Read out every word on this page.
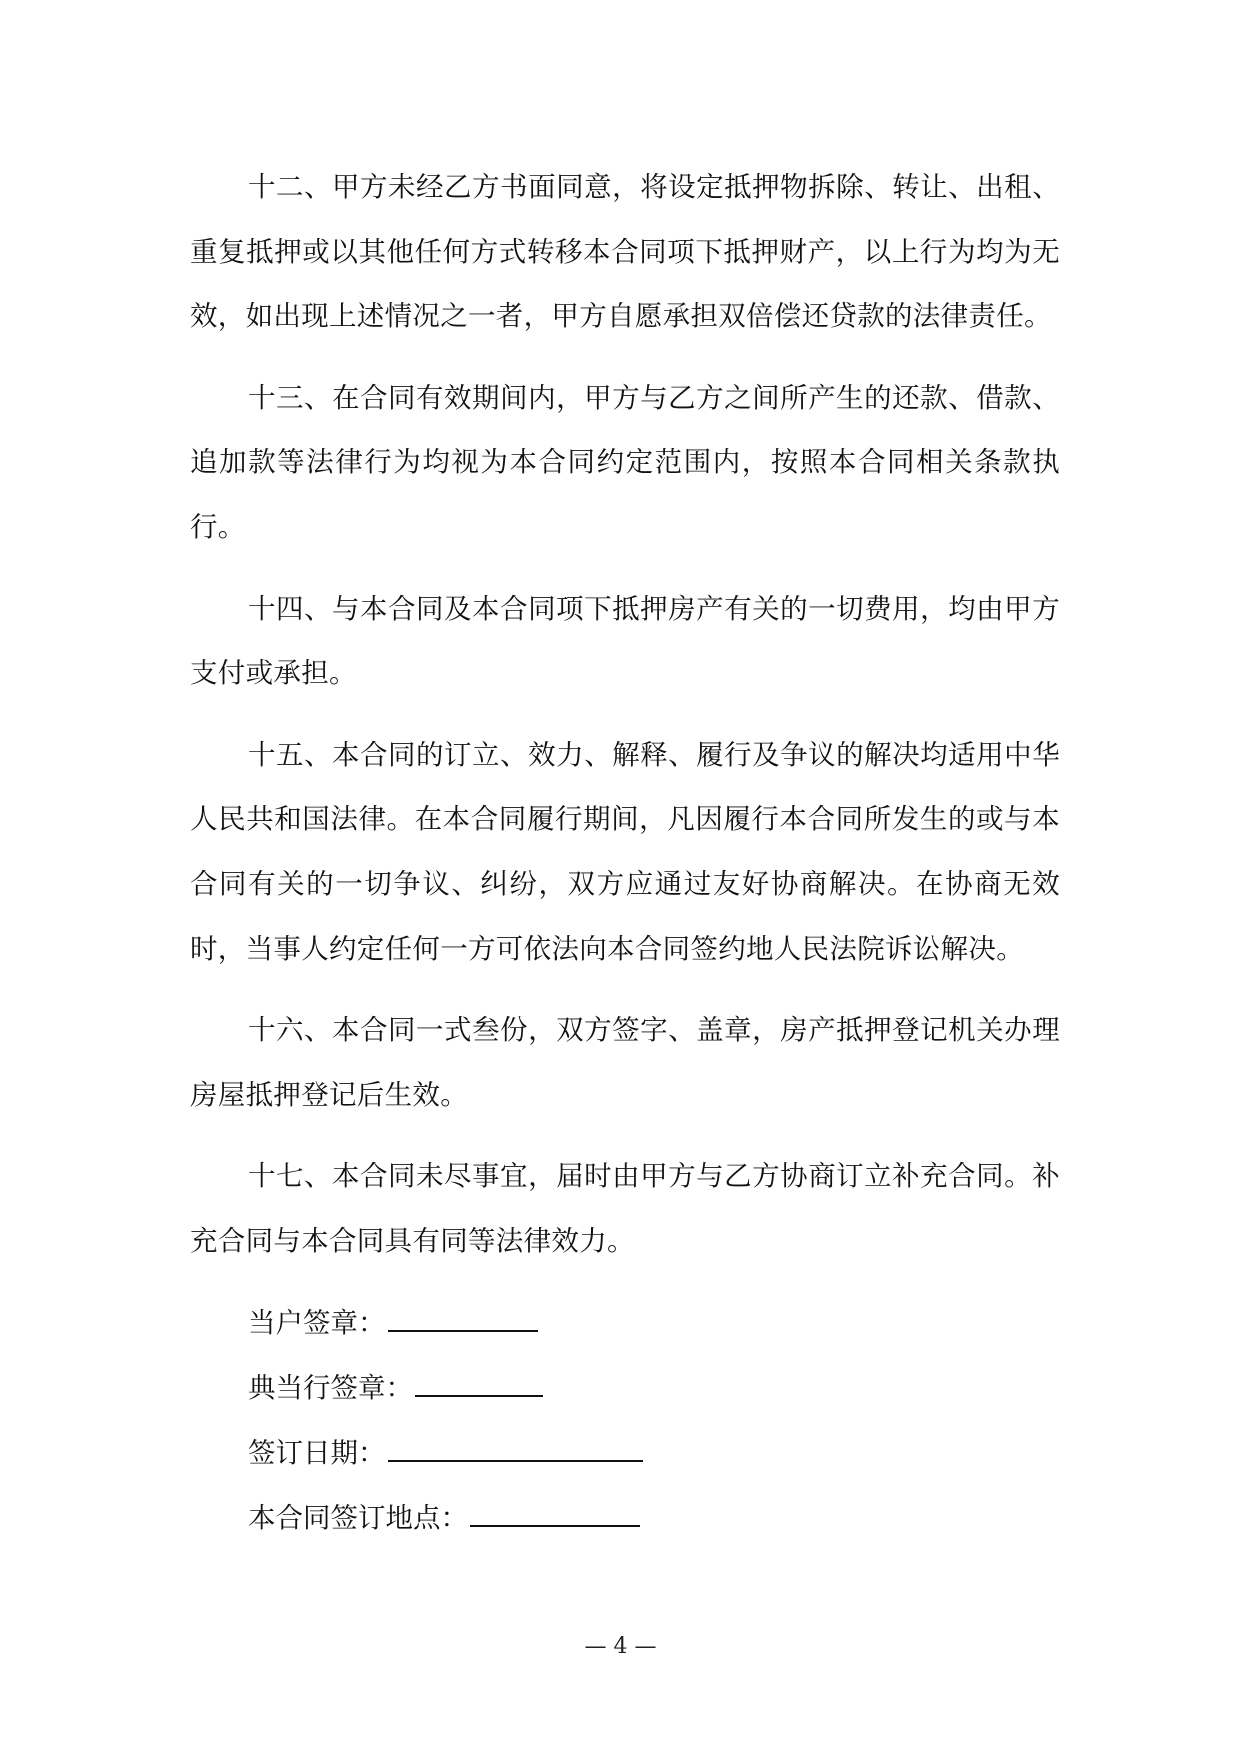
十二、甲方未经乙方书面同意，将设定抵押物拆除、转让、出租、重复抵押或以其他任何方式转移本合同项下抵押财产，以上行为均为无效，如出现上述情况之一者，甲方自愿承担双倍偿还贷款的法律责任。

十三、在合同有效期间内，甲方与乙方之间所产生的还款、借款、追加款等法律行为均视为本合同约定范围内，按照本合同相关条款执行。

十四、与本合同及本合同项下抵押房产有关的一切费用，均由甲方支付或承担。

十五、本合同的订立、效力、解释、履行及争议的解决均适用中华人民共和国法律。在本合同履行期间，凡因履行本合同所发生的或与本合同有关的一切争议、纠纷，双方应通过友好协商解决。在协商无效时，当事人约定任何一方可依法向本合同签约地人民法院诉讼解决。

十六、本合同一式叁份，双方签字、盖章，房产抵押登记机关办理房屋抵押登记后生效。

十七、本合同未尽事宜，届时由甲方与乙方协商订立补充合同。补充合同与本合同具有同等法律效力。

当户签章：
典当行签章：
签订日期：
本合同签订地点：
— 4 —
